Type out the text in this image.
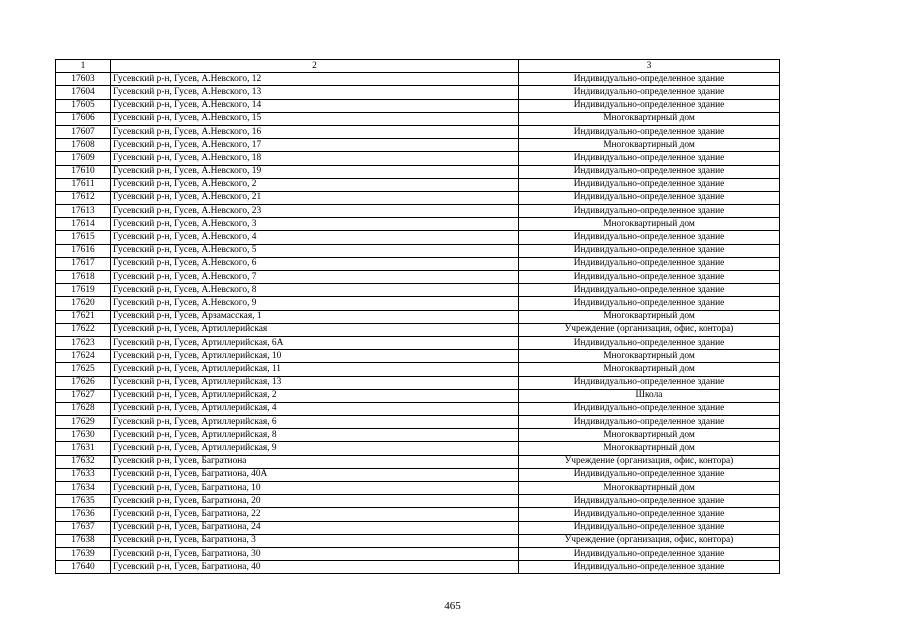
1	2	3
17603	Гусевский р-н, Гусев, А.Невского, 12	Индивидуально-определенное здание
17604	Гусевский р-н, Гусев, А.Невского, 13	Индивидуально-определенное здание
17605	Гусевский р-н, Гусев, А.Невского, 14	Индивидуально-определенное здание
17606	Гусевский р-н, Гусев, А.Невского, 15	Многоквартирный дом
17607	Гусевский р-н, Гусев, А.Невского, 16	Индивидуально-определенное здание
17608	Гусевский р-н, Гусев, А.Невского, 17	Многоквартирный дом
17609	Гусевский р-н, Гусев, А.Невского, 18	Индивидуально-определенное здание
17610	Гусевский р-н, Гусев, А.Невского, 19	Индивидуально-определенное здание
17611	Гусевский р-н, Гусев, А.Невского, 2	Индивидуально-определенное здание
17612	Гусевский р-н, Гусев, А.Невского, 21	Индивидуально-определенное здание
17613	Гусевский р-н, Гусев, А.Невского, 23	Индивидуально-определенное здание
17614	Гусевский р-н, Гусев, А.Невского, 3	Многоквартирный дом
17615	Гусевский р-н, Гусев, А.Невского, 4	Индивидуально-определенное здание
17616	Гусевский р-н, Гусев, А.Невского, 5	Индивидуально-определенное здание
17617	Гусевский р-н, Гусев, А.Невского, 6	Индивидуально-определенное здание
17618	Гусевский р-н, Гусев, А.Невского, 7	Индивидуально-определенное здание
17619	Гусевский р-н, Гусев, А.Невского, 8	Индивидуально-определенное здание
17620	Гусевский р-н, Гусев, А.Невского, 9	Индивидуально-определенное здание
17621	Гусевский р-н, Гусев, Арзамасская, 1	Многоквартирный дом
17622	Гусевский р-н, Гусев, Артиллерийская	Учреждение (организация, офис, контора)
17623	Гусевский р-н, Гусев, Артиллерийская, 6А	Индивидуально-определенное здание
17624	Гусевский р-н, Гусев, Артиллерийская, 10	Многоквартирный дом
17625	Гусевский р-н, Гусев, Артиллерийская, 11	Многоквартирный дом
17626	Гусевский р-н, Гусев, Артиллерийская, 13	Индивидуально-определенное здание
17627	Гусевский р-н, Гусев, Артиллерийская, 2	Школа
17628	Гусевский р-н, Гусев, Артиллерийская, 4	Индивидуально-определенное здание
17629	Гусевский р-н, Гусев, Артиллерийская, 6	Индивидуально-определенное здание
17630	Гусевский р-н, Гусев, Артиллерийская, 8	Многоквартирный дом
17631	Гусевский р-н, Гусев, Артиллерийская, 9	Многоквартирный дом
17632	Гусевский р-н, Гусев, Багратиона	Учреждение (организация, офис, контора)
17633	Гусевский р-н, Гусев, Багратиона, 40А	Индивидуально-определенное здание
17634	Гусевский р-н, Гусев, Багратиона, 10	Многоквартирный дом
17635	Гусевский р-н, Гусев, Багратиона, 20	Индивидуально-определенное здание
17636	Гусевский р-н, Гусев, Багратиона, 22	Индивидуально-определенное здание
17637	Гусевский р-н, Гусев, Багратиона, 24	Индивидуально-определенное здание
17638	Гусевский р-н, Гусев, Багратиона, 3	Учреждение (организация, офис, контора)
17639	Гусевский р-н, Гусев, Багратиона, 30	Индивидуально-определенное здание
17640	Гусевский р-н, Гусев, Багратиона, 40	Индивидуально-определенное здание
465
